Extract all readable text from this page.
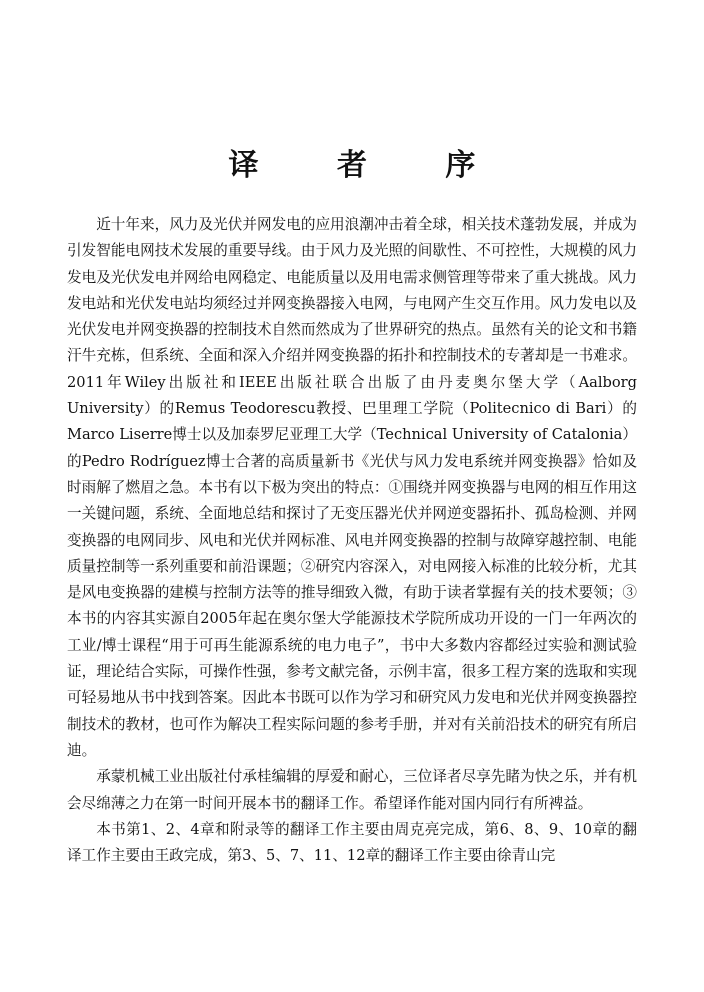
译 者 序

近十年来，风力及光伏并网发电的应用浪潮冲击着全球，相关技术蓬勃发展，并成为引发智能电网技术发展的重要导线。由于风力及光照的间歇性、不可控性，大规模的风力发电及光伏发电并网给电网稳定、电能质量以及用电需求侧管理等带来了重大挑战。风力发电站和光伏发电站均须经过并网变换器接入电网，与电网产生交互作用。风力发电以及光伏发电并网变换器的控制技术自然而然成为了世界研究的热点。虽然有关的论文和书籍汗牛充栋，但系统、全面和深入介绍并网变换器的拓扑和控制技术的专著却是一书难求。2011年Wiley出版社和IEEE出版社联合出版了由丹麦奥尔堡大学（Aalborg University）的Remus Teodorescu教授、巴里理工学院（Politecnico di Bari）的Marco Liserre博士以及加泰罗尼亚理工大学（Technical University of Catalonia）的Pedro Rodríguez博士合著的高质量新书《光伏与风力发电系统并网变换器》恰如及时雨解了燃眉之急。本书有以下极为突出的特点：①围绕并网变换器与电网的相互作用这一关键问题，系统、全面地总结和探讨了无变压器光伏并网逆变器拓扑、孤岛检测、并网变换器的电网同步、风电和光伏并网标准、风电并网变换器的控制与故障穿越控制、电能质量控制等一系列重要和前沿课题；②研究内容深入，对电网接入标准的比较分析，尤其是风电变换器的建模与控制方法等的推导细致入微，有助于读者掌握有关的技术要领；③本书的内容其实源自2005年起在奥尔堡大学能源技术学院所成功开设的一门一年两次的工业/博士课程“用于可再生能源系统的电力电子”，书中大多数内容都经过实验和测试验证，理论结合实际，可操作性强，参考文献完备，示例丰富，很多工程方案的选取和实现可轻易地从书中找到答案。因此本书既可以作为学习和研究风力发电和光伏并网变换器控制技术的教材，也可作为解决工程实际问题的参考手册，并对有关前沿技术的研究有所启迪。

承蒙机械工业出版社付承桂编辑的厚爱和耐心，三位译者尽享先睹为快之乐，并有机会尽绵薄之力在第一时间开展本书的翻译工作。希望译作能对国内同行有所裨益。

本书第1、2、4章和附录等的翻译工作主要由周克亮完成，第6、8、9、10章的翻译工作主要由王政完成，第3、5、7、11、12章的翻译工作主要由徐青山完
